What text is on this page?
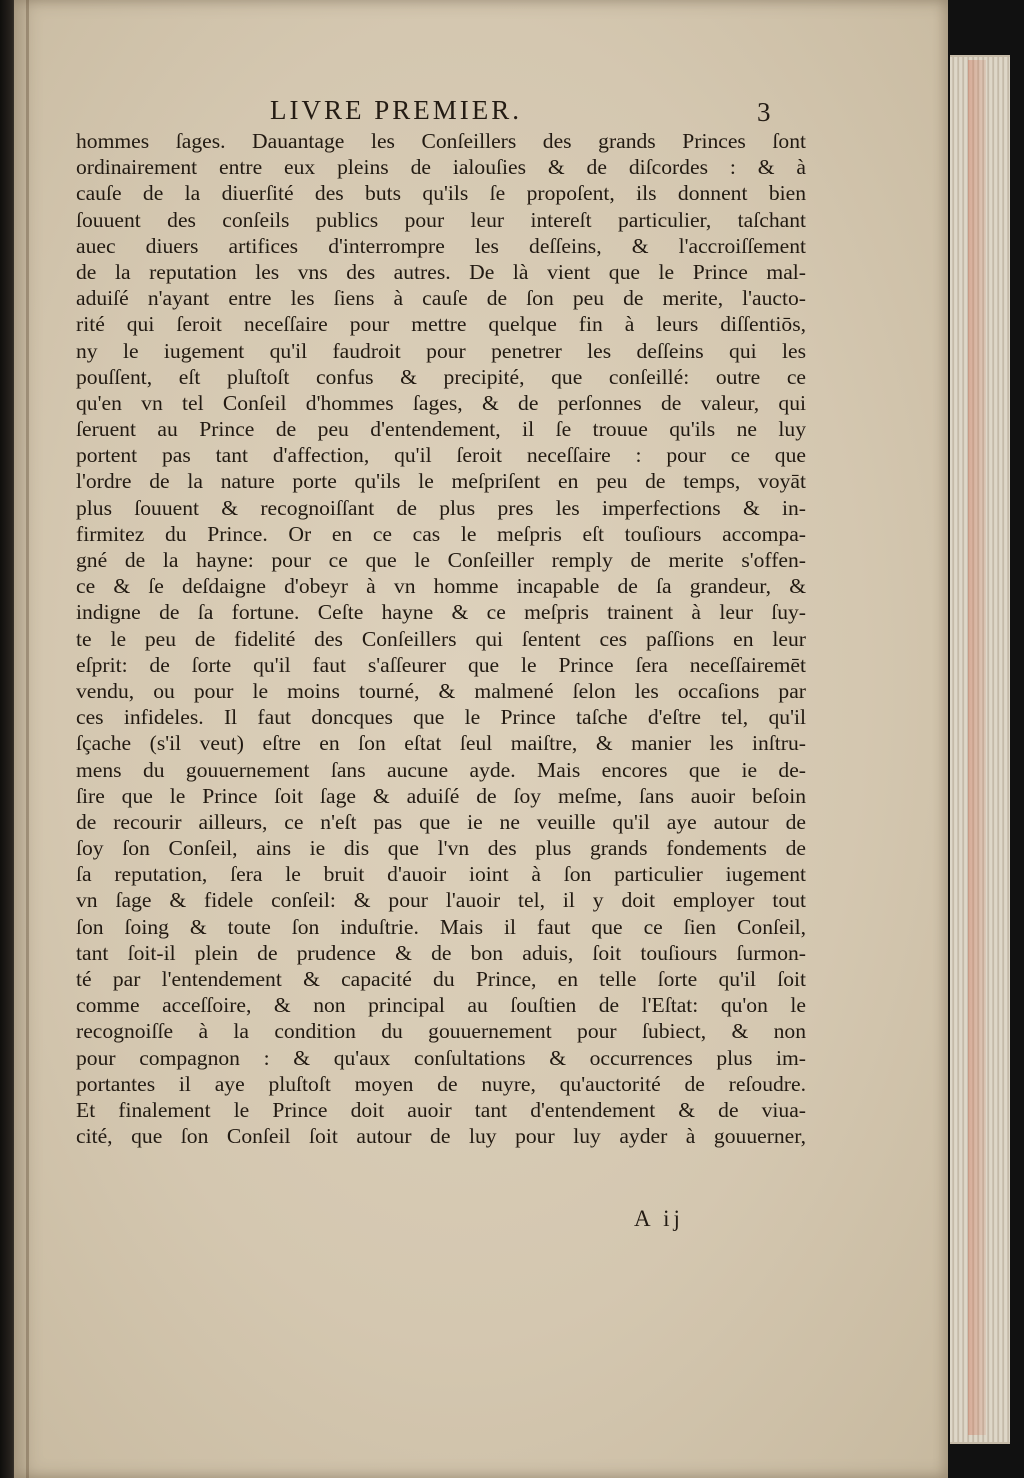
LIVRE PREMIER.	3
hommes ſages. Dauantage les Conſeillers des grands Princes ſont
ordinairement entre eux pleins de ialouſies & de diſcordes : & à
cauſe de la diuerſité des buts qu'ils ſe propoſent, ils donnent bien
ſouuent des conſeils publics pour leur intereſt particulier, taſchant
auec diuers artifices d'interrompre les deſſeins, & l'accroiſſement
de la reputation les vns des autres. De là vient que le Prince mal-
aduiſé n'ayant entre les ſiens à cauſe de ſon peu de merite, l'aucto-
rité qui ſeroit neceſſaire pour mettre quelque fin à leurs diſſentiōs,
ny le iugement qu'il faudroit pour penetrer les deſſeins qui les
pouſſent, eſt pluſtoſt confus & precipité, que conſeillé: outre ce
qu'en vn tel Conſeil d'hommes ſages, & de perſonnes de valeur, qui
ſeruent au Prince de peu d'entendement, il ſe trouue qu'ils ne luy
portent pas tant d'affection, qu'il ſeroit neceſſaire : pour ce que
l'ordre de la nature porte qu'ils le meſpriſent en peu de temps, voyāt
plus ſouuent & recognoiſſant de plus pres les imperfections & in-
firmitez du Prince. Or en ce cas le meſpris eſt touſiours accompa-
gné de la hayne: pour ce que le Conſeiller remply de merite s'offen-
ce & ſe deſdaigne d'obeyr à vn homme incapable de ſa grandeur, &
indigne de ſa fortune. Ceſte hayne & ce meſpris trainent à leur ſuy-
te le peu de fidelité des Conſeillers qui ſentent ces paſſions en leur
eſprit: de ſorte qu'il faut s'aſſeurer que le Prince ſera neceſſairemēt
vendu, ou pour le moins tourné, & malmené ſelon les occaſions par
ces infideles. Il faut doncques que le Prince taſche d'eſtre tel, qu'il
ſçache (s'il veut) eſtre en ſon eſtat ſeul maiſtre, & manier les inſtru-
mens du gouuernement ſans aucune ayde. Mais encores que ie de-
ſire que le Prince ſoit ſage & aduiſé de ſoy meſme, ſans auoir beſoin
de recourir ailleurs, ce n'eſt pas que ie ne veuille qu'il aye autour de
ſoy ſon Conſeil, ains ie dis que l'vn des plus grands fondements de
ſa reputation, ſera le bruit d'auoir ioint à ſon particulier iugement
vn ſage & fidele conſeil: & pour l'auoir tel, il y doit employer tout
ſon ſoing & toute ſon induſtrie. Mais il faut que ce ſien Conſeil,
tant ſoit-il plein de prudence & de bon aduis, ſoit touſiours ſurmon-
té par l'entendement & capacité du Prince, en telle ſorte qu'il ſoit
comme acceſſoire, & non principal au ſouſtien de l'Eſtat: qu'on le
recognoiſſe à la condition du gouuernement pour ſubiect, & non
pour compagnon : & qu'aux conſultations & occurrences plus im-
portantes il aye pluſtoſt moyen de nuyre, qu'auctorité de reſoudre.
Et finalement le Prince doit auoir tant d'entendement & de viua-
cité, que ſon Conſeil ſoit autour de luy pour luy ayder à gouuerner,
A ij
